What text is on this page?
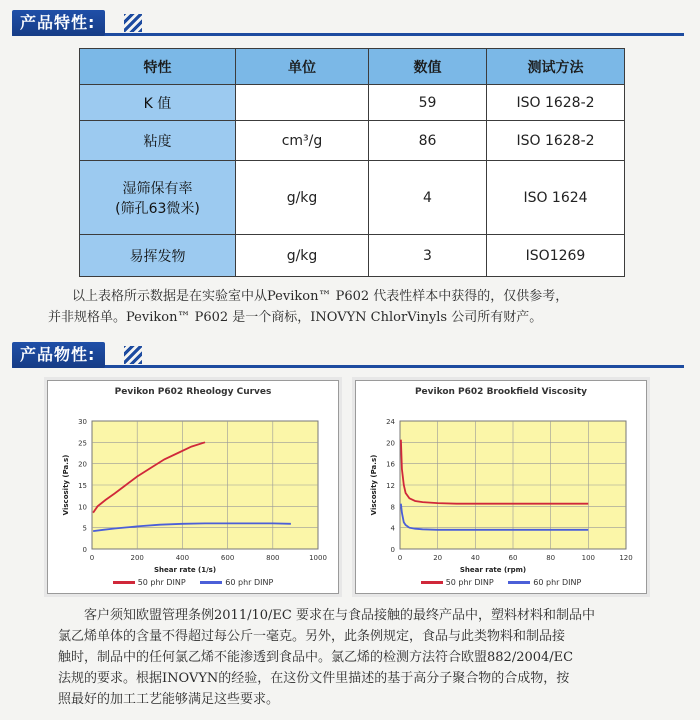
产品特性:
特性	单位	数值	测试方法
K 值		59	ISO 1628-2
粘度	cm³/g	86	ISO 1628-2

湿筛保有率
(筛孔63微米)	g/kg	4	ISO 1624
易挥发物	g/kg	3	ISO1269
以上表格所示数据是在实验室中从Pevikon™ P602 代表性样本中获得的，仅供参考，
并非规格单。Pevikon™ P602 是一个商标，INOVYN ChlorVinyls 公司所有财产。
产品物性:
Pevikon P602 Rheology Curves
0
5
10
15
20
25
30
0	200	400	600	800	1000
Shear rate (1/s)
Viscosity (Pa.s)
50 phr DINP	60 phr DINP
Pevikon P602 Brookfield Viscosity
0
4
8
12
16
20
24
0	20	40	60	80	100	120
Shear rate (rpm)
Viscosity (Pa.s)
50 phr DINP	60 phr DINP
客户须知欧盟管理条例2011/10/EC 要求在与食品接触的最终产品中，塑料材料和制品中
氯乙烯单体的含量不得超过每公斤一毫克。另外，此条例规定，食品与此类物料和制品接
触时，制品中的任何氯乙烯不能渗透到食品中。氯乙烯的检测方法符合欧盟882/2004/EC
法规的要求。根据INOVYN的经验，在这份文件里描述的基于高分子聚合物的合成物，按
照最好的加工工艺能够满足这些要求。
